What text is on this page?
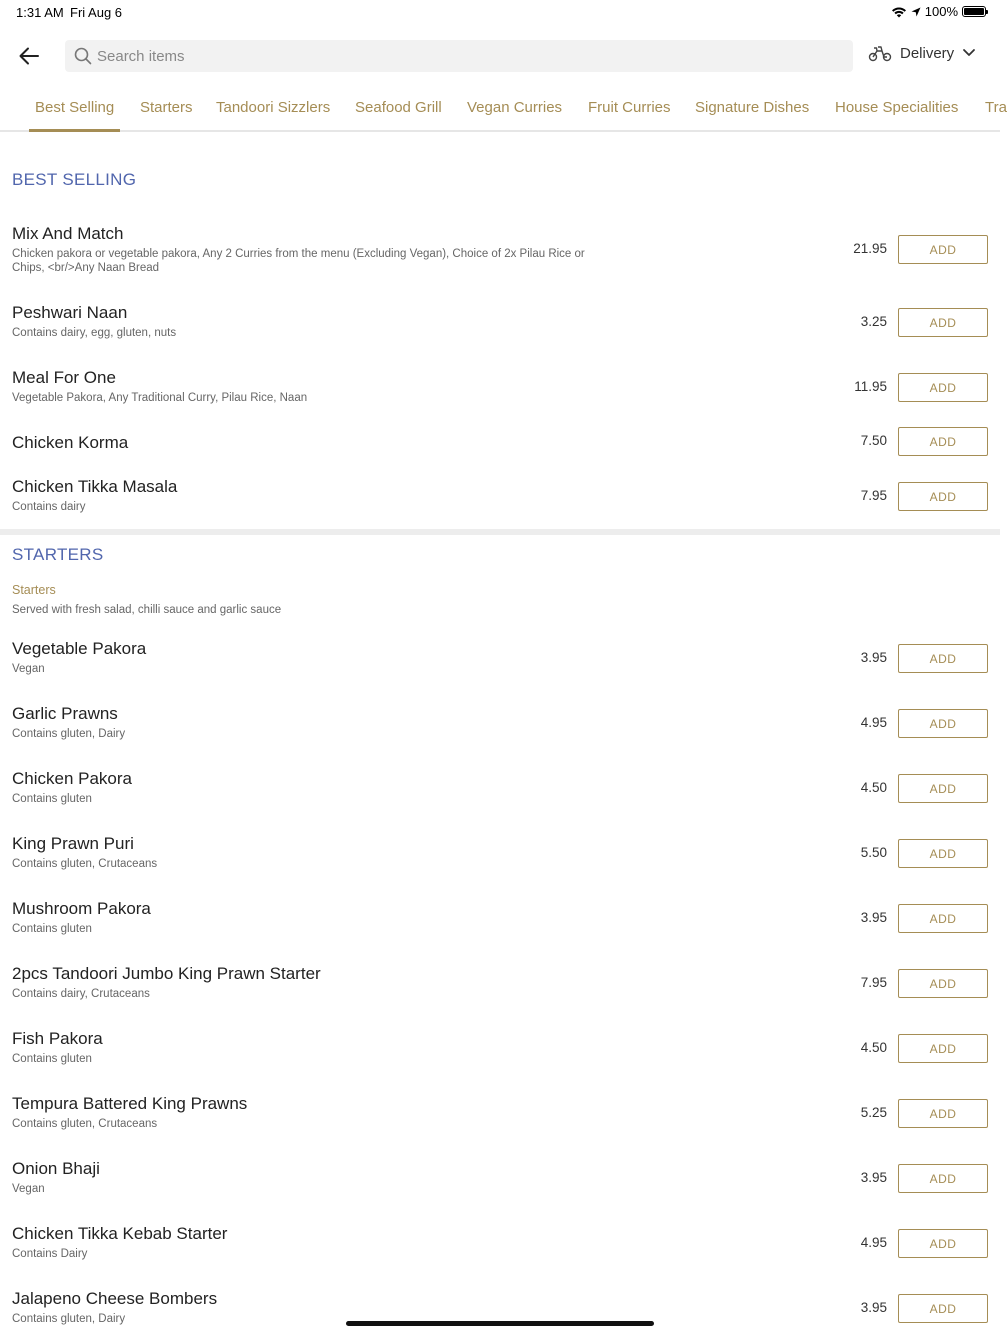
1:31 AM Fri Aug 6	100%
Search items
Delivery
Best Selling Starters Tandoori Sizzlers Seafood Grill Vegan Curries Fruit Curries Signature Dishes House Specialities Tra
BEST SELLING
Mix And Match
Chicken pakora or vegetable pakora, Any 2 Curries from the menu (Excluding Vegan), Choice of 2x Pilau Rice or Chips, <br/>Any Naan Bread
21.95	ADD
Peshwari Naan
Contains dairy, egg, gluten, nuts
3.25	ADD
Meal For One
Vegetable Pakora, Any Traditional Curry, Pilau Rice, Naan
11.95	ADD
Chicken Korma	7.50	ADD
Chicken Tikka Masala
Contains dairy
7.95	ADD
STARTERS
Starters
Served with fresh salad, chilli sauce and garlic sauce
Vegetable Pakora
Vegan
3.95	ADD
Garlic Prawns
Contains gluten, Dairy
4.95	ADD
Chicken Pakora
Contains gluten
4.50	ADD
King Prawn Puri
Contains gluten, Crutaceans
5.50	ADD
Mushroom Pakora
Contains gluten
3.95	ADD
2pcs Tandoori Jumbo King Prawn Starter
Contains dairy, Crutaceans
7.95	ADD
Fish Pakora
Contains gluten
4.50	ADD
Tempura Battered King Prawns
Contains gluten, Crutaceans
5.25	ADD
Onion Bhaji
Vegan
3.95	ADD
Chicken Tikka Kebab Starter
Contains Dairy
4.95	ADD
Jalapeno Cheese Bombers
Contains gluten, Dairy
3.95	ADD
